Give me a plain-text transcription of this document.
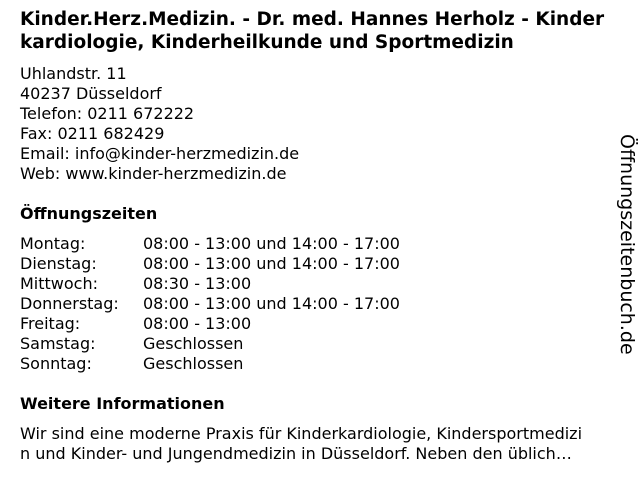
Kinder.Herz.Medizin. - Dr. med. Hannes Herholz - Kinderkardiologie, Kinderheilkunde und Sportmedizin
Uhlandstr. 11
40237 Düsseldorf
Telefon: 0211 672222
Fax: 0211 682429
Email: info@kinder-herzmedizin.de
Web: www.kinder-herzmedizin.de
Öffnungszeiten
Montag:	08:00 - 13:00 und 14:00 - 17:00
Dienstag:	08:00 - 13:00 und 14:00 - 17:00
Mittwoch:	08:30 - 13:00
Donnerstag:	08:00 - 13:00 und 14:00 - 17:00
Freitag:	08:00 - 13:00
Samstag:	Geschlossen
Sonntag:	Geschlossen
Weitere Informationen
Wir sind eine moderne Praxis für Kinderkardiologie, Kindersportmedizi
n und Kinder- und Jungendmedizin in Düsseldorf. Neben den üblich…
Öffnungszeitenbuch.de
